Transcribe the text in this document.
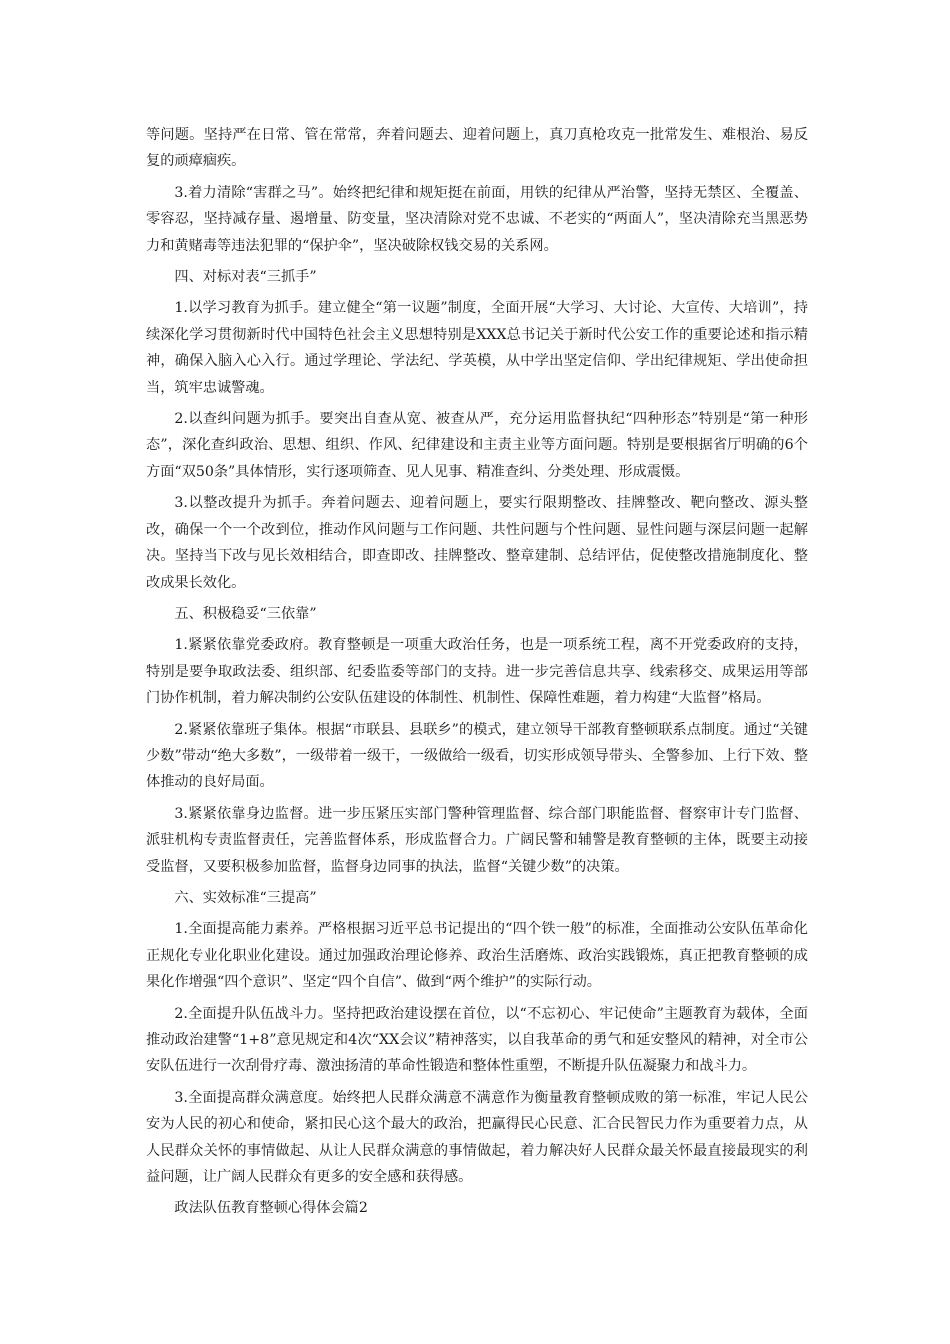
等问题。坚持严在日常、管在常常，奔着问题去、迎着问题上，真刀真枪攻克一批常发生、难根治、易反复的顽瘴痼疾。

3.着力清除“害群之马”。始终把纪律和规矩挺在前面，用铁的纪律从严治警，坚持无禁区、全覆盖、零容忍，坚持减存量、遏增量、防变量，坚决清除对党不忠诚、不老实的“两面人”，坚决清除充当黑恶势力和黄赌毒等违法犯罪的“保护伞”，坚决破除权钱交易的关系网。

四、对标对表“三抓手”

1.以学习教育为抓手。建立健全“第一议题”制度，全面开展“大学习、大讨论、大宣传、大培训”，持续深化学习贯彻新时代中国特色社会主义思想特别是XXX总书记关于新时代公安工作的重要论述和指示精神，确保入脑入心入行。通过学理论、学法纪、学英模，从中学出坚定信仰、学出纪律规矩、学出使命担当，筑牢忠诚警魂。

2.以查纠问题为抓手。要突出自查从宽、被查从严，充分运用监督执纪“四种形态”特别是“第一种形态”，深化查纠政治、思想、组织、作风、纪律建设和主责主业等方面问题。特别是要根据省厅明确的6个方面“双50条”具体情形，实行逐项筛查、见人见事、精准查纠、分类处理、形成震慑。

3.以整改提升为抓手。奔着问题去、迎着问题上，要实行限期整改、挂牌整改、靶向整改、源头整改，确保一个一个改到位，推动作风问题与工作问题、共性问题与个性问题、显性问题与深层问题一起解决。坚持当下改与见长效相结合，即查即改、挂牌整改、整章建制、总结评估，促使整改措施制度化、整改成果长效化。

五、积极稳妥“三依靠”

1.紧紧依靠党委政府。教育整顿是一项重大政治任务，也是一项系统工程，离不开党委政府的支持，特别是要争取政法委、组织部、纪委监委等部门的支持。进一步完善信息共享、线索移交、成果运用等部门协作机制，着力解决制约公安队伍建设的体制性、机制性、保障性难题，着力构建“大监督”格局。

2.紧紧依靠班子集体。根据“市联县、县联乡”的模式，建立领导干部教育整顿联系点制度。通过“关键少数”带动“绝大多数”，一级带着一级干，一级做给一级看，切实形成领导带头、全警参加、上行下效、整体推动的良好局面。

3.紧紧依靠身边监督。进一步压紧压实部门警种管理监督、综合部门职能监督、督察审计专门监督、派驻机构专责监督责任，完善监督体系，形成监督合力。广阔民警和辅警是教育整顿的主体，既要主动接受监督，又要积极参加监督，监督身边同事的执法，监督“关键少数”的决策。

六、实效标准“三提高”

1.全面提高能力素养。严格根据习近平总书记提出的“四个铁一般”的标准，全面推动公安队伍革命化正规化专业化职业化建设。通过加强政治理论修养、政治生活磨炼、政治实践锻炼，真正把教育整顿的成果化作增强“四个意识”、坚定“四个自信”、做到“两个维护”的实际行动。

2.全面提升队伍战斗力。坚持把政治建设摆在首位，以“不忘初心、牢记使命”主题教育为载体，全面推动政治建警“1+8”意见规定和4次“XX会议”精神落实，以自我革命的勇气和延安整风的精神，对全市公安队伍进行一次刮骨疗毒、激浊扬清的革命性锻造和整体性重塑，不断提升队伍凝聚力和战斗力。

3.全面提高群众满意度。始终把人民群众满意不满意作为衡量教育整顿成败的第一标准，牢记人民公安为人民的初心和使命，紧扣民心这个最大的政治，把赢得民心民意、汇合民智民力作为重要着力点，从人民群众关怀的事情做起、从让人民群众满意的事情做起，着力解决好人民群众最关怀最直接最现实的利益问题，让广阔人民群众有更多的安全感和获得感。

政法队伍教育整顿心得体会篇2
